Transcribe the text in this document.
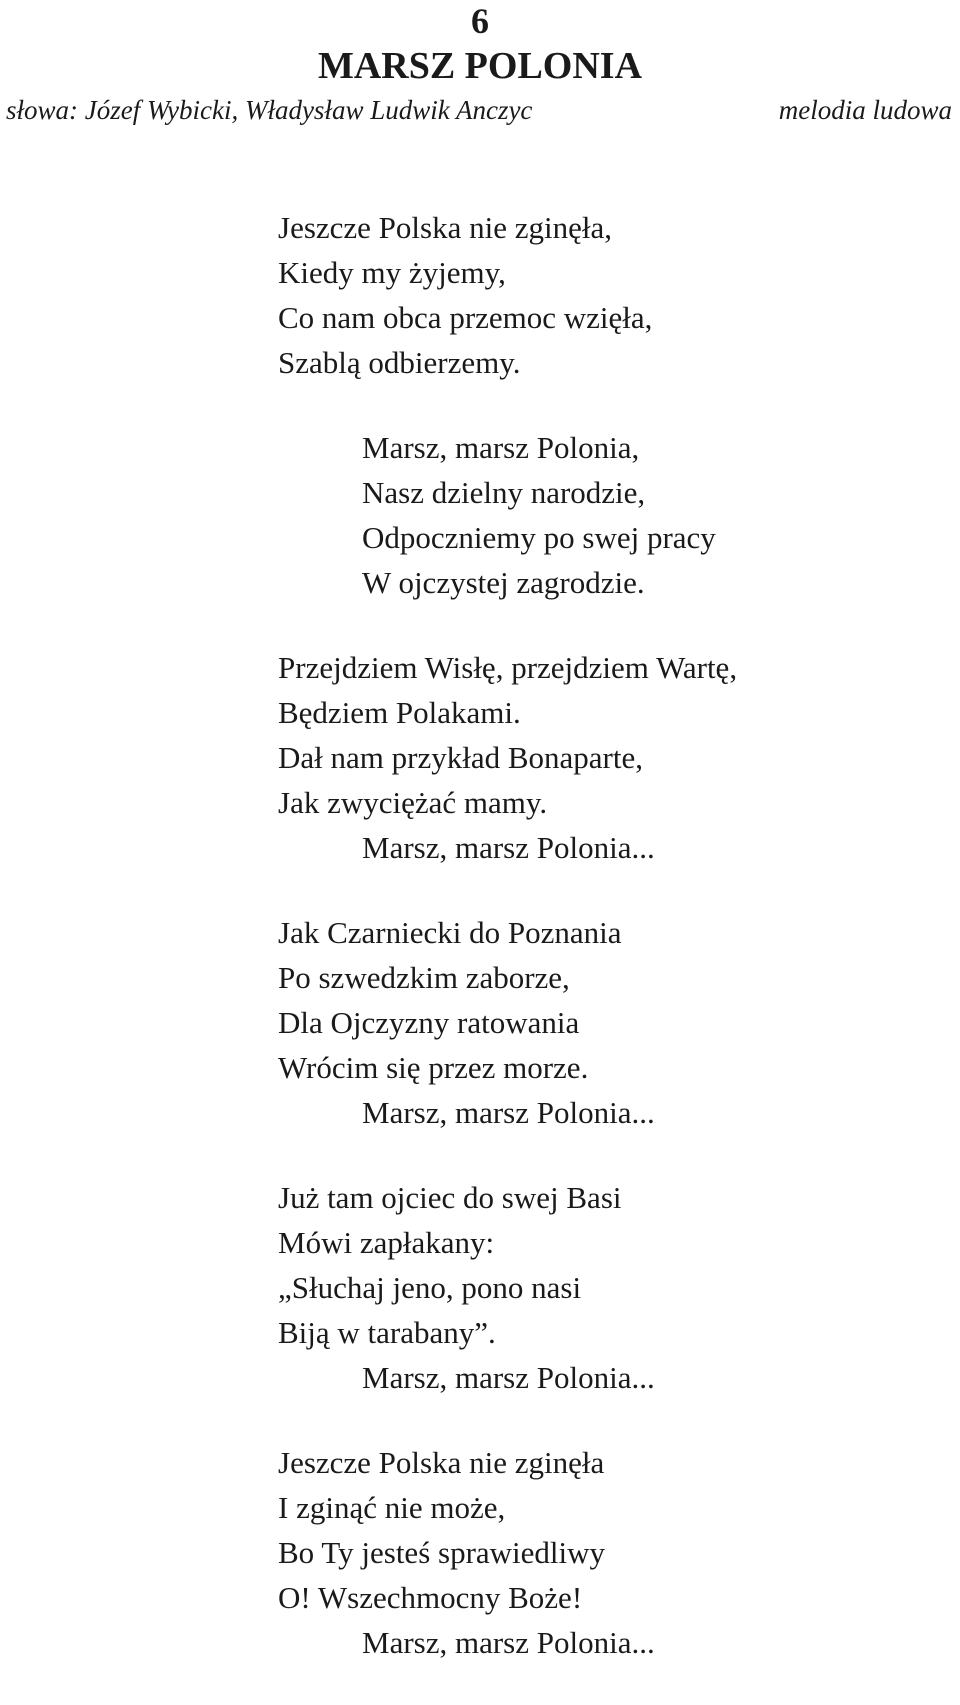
6
MARSZ POLONIA
słowa: Józef Wybicki, Władysław Ludwik Anczyc	melodia ludowa
Jeszcze Polska nie zginęła,
Kiedy my żyjemy,
Co nam obca przemoc wzięła,
Szablą odbierzemy.
Marsz, marsz Polonia,
Nasz dzielny narodzie,
Odpoczniemy po swej pracy
W ojczystej zagrodzie.
Przejdziem Wisłę, przejdziem Wartę,
Będziem Polakami.
Dał nam przykład Bonaparte,
Jak zwyciężać mamy.
Marsz, marsz Polonia...
Jak Czarniecki do Poznania
Po szwedzkim zaborze,
Dla Ojczyzny ratowania
Wrócim się przez morze.
Marsz, marsz Polonia...
Już tam ojciec do swej Basi
Mówi zapłakany:
„Słuchaj jeno, pono nasi
Biją w tarabany”.
Marsz, marsz Polonia...
Jeszcze Polska nie zginęła
I zginąć nie może,
Bo Ty jesteś sprawiedliwy
O! Wszechmocny Boże!
Marsz, marsz Polonia...
